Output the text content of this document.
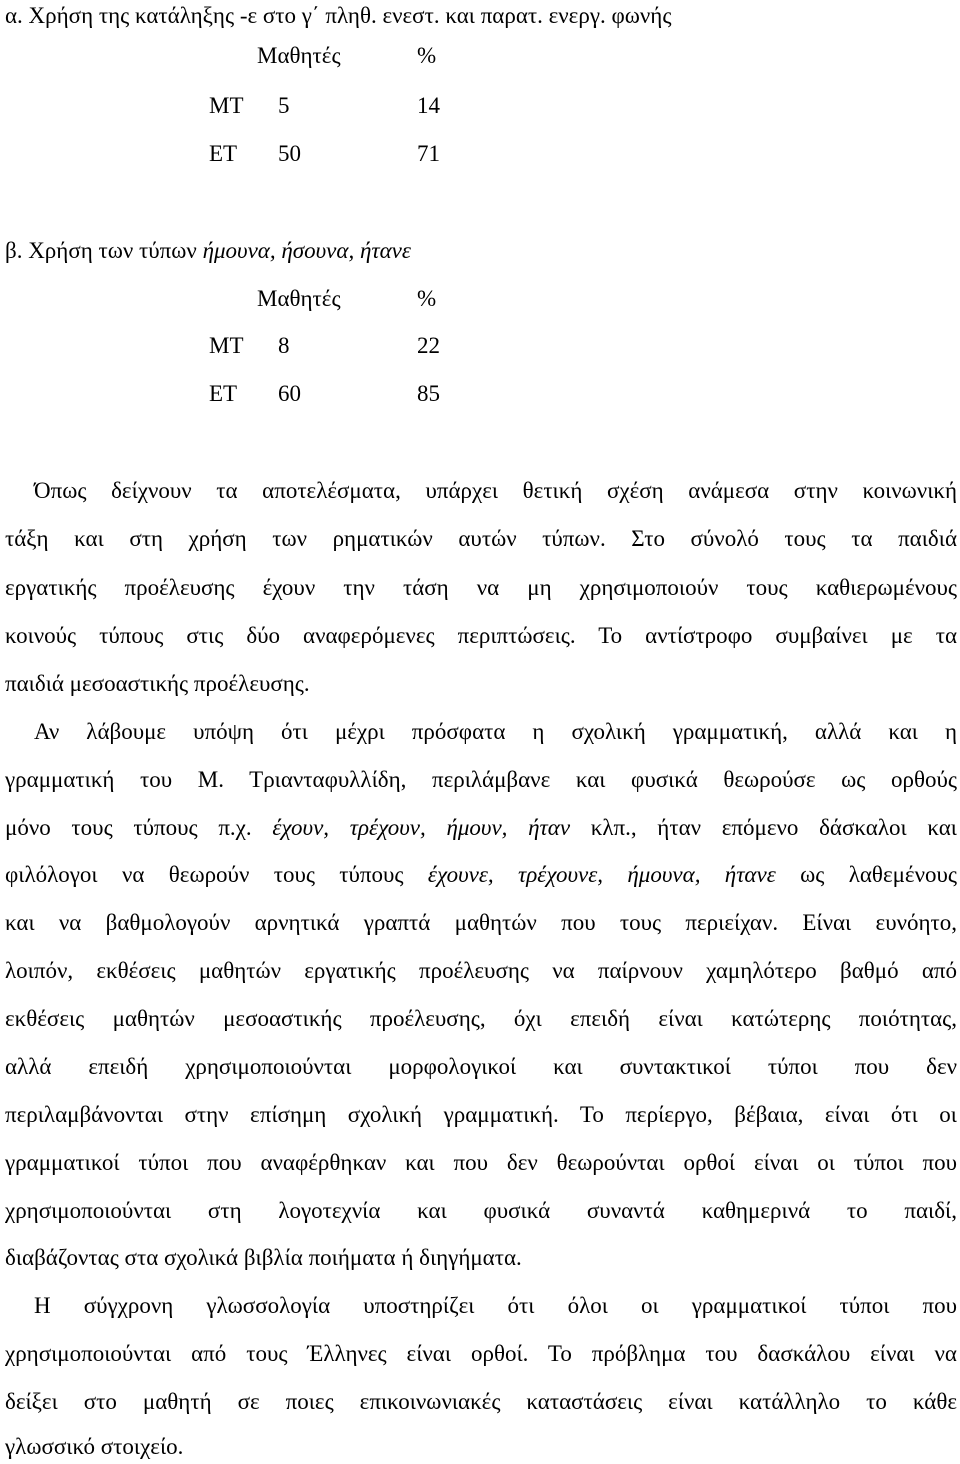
α. Χρήση της κατάληξης -ε στο γ΄ πληθ. ενεστ. και παρατ. ενεργ. φωνής
Μαθητές	%
ΜΤ 5	14
ΕΤ 50	71
β. Χρήση των τύπων ήμουνα, ήσουνα, ήτανε
Μαθητές	%
ΜΤ 8	22
ΕΤ 60	85
Όπως δείχνουν τα αποτελέσματα, υπάρχει θετική σχέση ανάμεσα στην κοινωνική
τάξη και στη χρήση των ρηματικών αυτών τύπων. Στο σύνολό τους τα παιδιά
εργατικής προέλευσης έχουν την τάση να μη χρησιμοποιούν τους καθιερωμένους
κοινούς τύπους στις δύο αναφερόμενες περιπτώσεις. Το αντίστροφο συμβαίνει με τα
παιδιά μεσοαστικής προέλευσης.
Αν λάβουμε υπόψη ότι μέχρι πρόσφατα η σχολική γραμματική, αλλά και η
γραμματική του Μ. Τριανταφυλλίδη, περιλάμβανε και φυσικά θεωρούσε ως ορθούς
μόνο τους τύπους π.χ. έχουν, τρέχουν, ήμουν, ήταν κλπ., ήταν επόμενο δάσκαλοι και
φιλόλογοι να θεωρούν τους τύπους έχουνε, τρέχουνε, ήμουνα, ήτανε ως λαθεμένους
και να βαθμολογούν αρνητικά γραπτά μαθητών που τους περιείχαν. Είναι ευνόητο,
λοιπόν, εκθέσεις μαθητών εργατικής προέλευσης να παίρνουν χαμηλότερο βαθμό από
εκθέσεις μαθητών μεσοαστικής προέλευσης, όχι επειδή είναι κατώτερης ποιότητας,
αλλά επειδή χρησιμοποιούνται μορφολογικοί και συντακτικοί τύποι που δεν
περιλαμβάνονται στην επίσημη σχολική γραμματική. Το περίεργο, βέβαια, είναι ότι οι
γραμματικοί τύποι που αναφέρθηκαν και που δεν θεωρούνται ορθοί είναι οι τύποι που
χρησιμοποιούνται στη λογοτεχνία και φυσικά συναντά καθημερινά το παιδί,
διαβάζοντας στα σχολικά βιβλία ποιήματα ή διηγήματα.
Η σύγχρονη γλωσσολογία υποστηρίζει ότι όλοι οι γραμματικοί τύποι που
χρησιμοποιούνται από τους Έλληνες είναι ορθοί. Το πρόβλημα του δασκάλου είναι να
δείξει στο μαθητή σε ποιες επικοινωνιακές καταστάσεις είναι κατάλληλο το κάθε
γλωσσικό στοιχείο.
